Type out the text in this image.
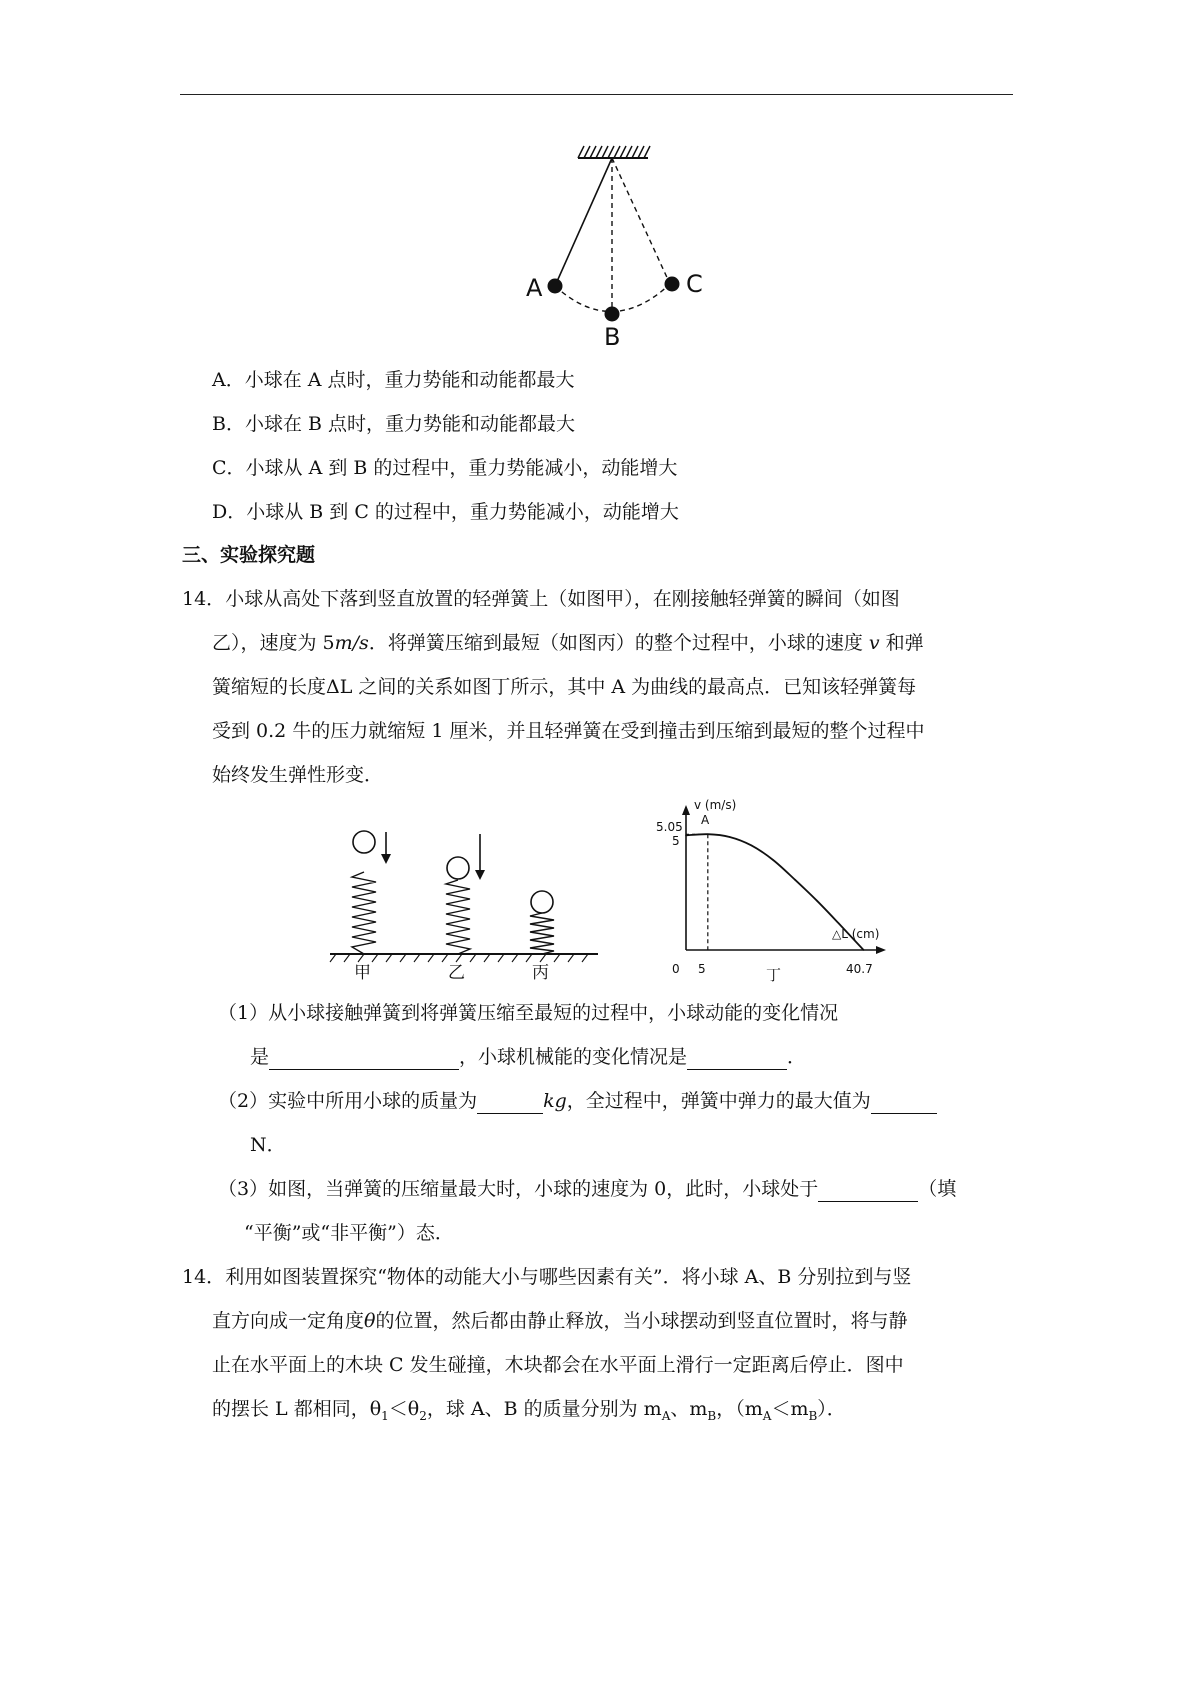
A
B
C
A．小球在 A 点时，重力势能和动能都最大
B．小球在 B 点时，重力势能和动能都最大
C．小球从 A 到 B 的过程中，重力势能减小，动能增大
D．小球从 B 到 C 的过程中，重力势能减小，动能增大
三、实验探究题
14．小球从高处下落到竖直放置的轻弹簧上（如图甲），在刚接触轻弹簧的瞬间（如图
乙），速度为 5m/s．将弹簧压缩到最短（如图丙）的整个过程中，小球的速度 v 和弹
簧缩短的长度ΔL 之间的关系如图丁所示，其中 A 为曲线的最高点．已知该轻弹簧每
受到 0.2 牛的压力就缩短 1 厘米，并且轻弹簧在受到撞击到压缩到最短的整个过程中
始终发生弹性形变．
甲	乙	丙
v (m/s)
△L (cm)
0 5	40.7
5
5.05 A
丁
（1）从小球接触弹簧到将弹簧压缩至最短的过程中，小球动能的变化情况
是	，小球机械能的变化情况是	．
（2）实验中所用小球的质量为	kg，全过程中，弹簧中弹力的最大值为
N．
（3）如图，当弹簧的压缩量最大时，小球的速度为 0，此时，小球处于	（填
“平衡”或“非平衡”）态．
14．利用如图装置探究“物体的动能大小与哪些因素有关”．将小球 A、B 分别拉到与竖
直方向成一定角度θ的位置，然后都由静止释放，当小球摆动到竖直位置时，将与静
止在水平面上的木块 C 发生碰撞，木块都会在水平面上滑行一定距离后停止．图中
的摆长 L 都相同，$\theta_1<\theta_2$，球 A、B 的质量分别为 $m_A$、$m_B$，$(m_A<m_B)$．
